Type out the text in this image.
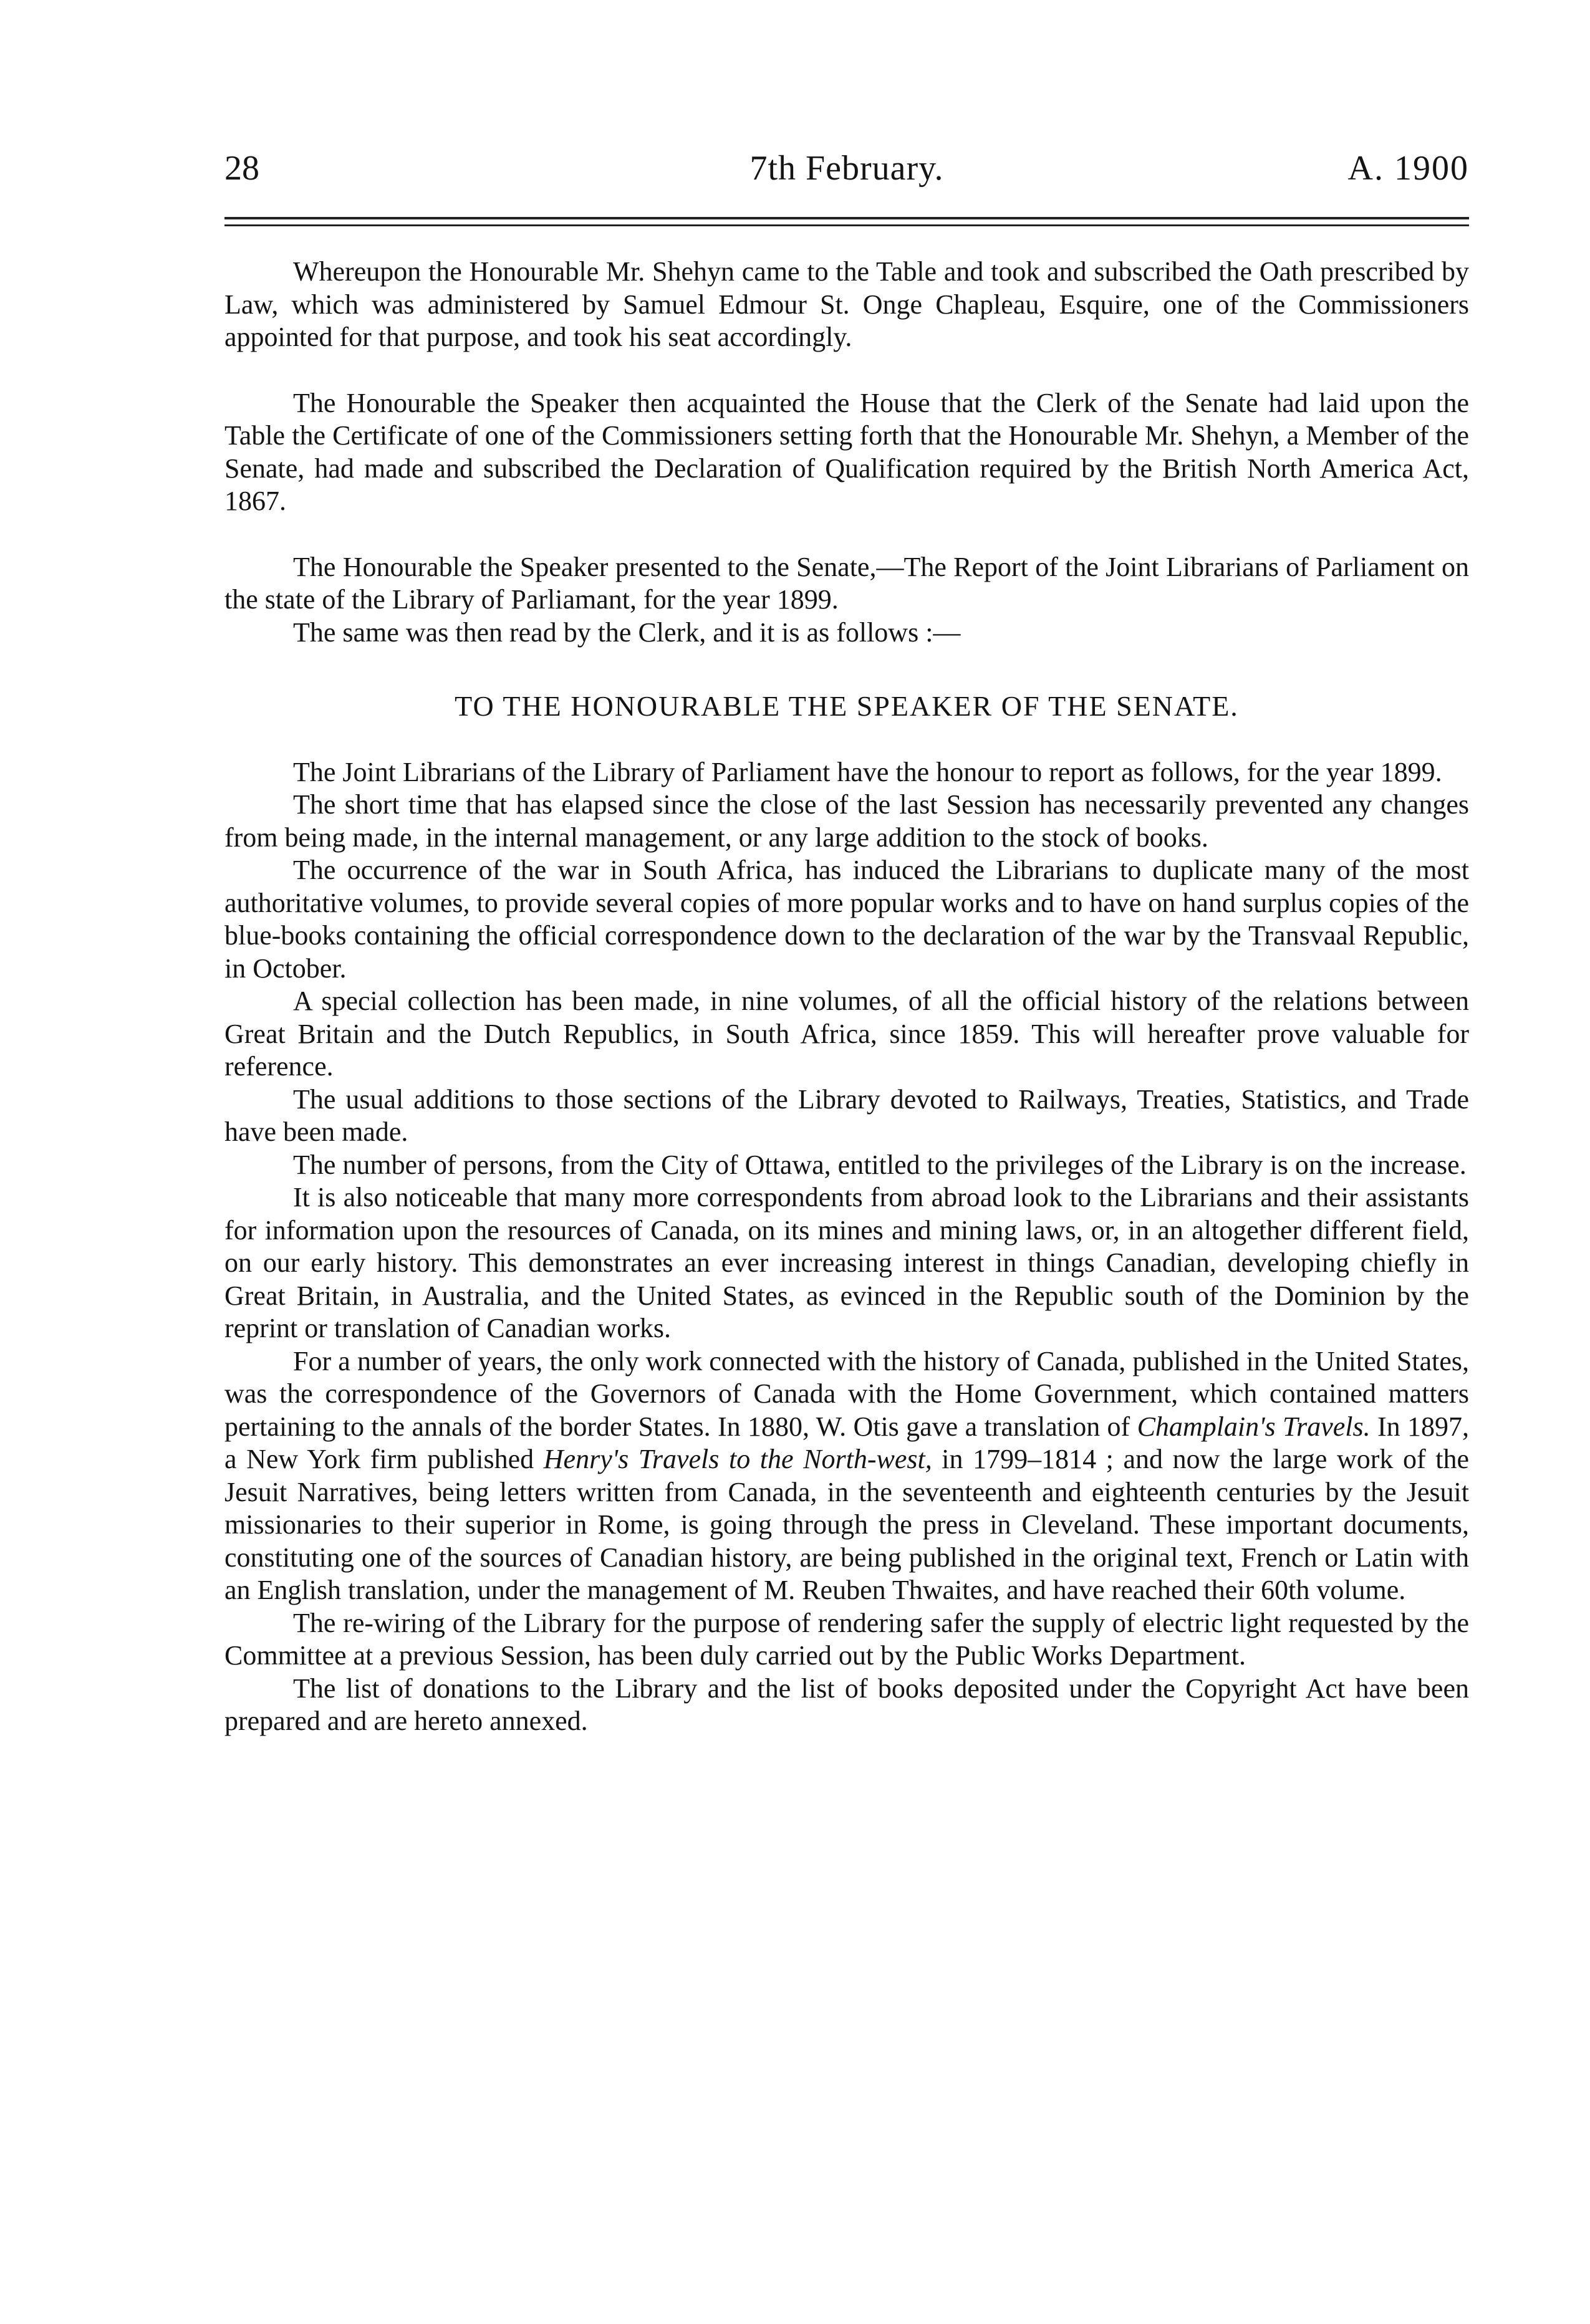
28	7th February.	A. 1900

Whereupon the Honourable Mr. Shehyn came to the Table and took and subscribed the Oath prescribed by Law, which was administered by Samuel Edmour St. Onge Chapleau, Esquire, one of the Commissioners appointed for that purpose, and took his seat accordingly.

The Honourable the Speaker then acquainted the House that the Clerk of the Senate had laid upon the Table the Certificate of one of the Commissioners setting forth that the Honourable Mr. Shehyn, a Member of the Senate, had made and subscribed the Declaration of Qualification required by the British North America Act, 1867.

The Honourable the Speaker presented to the Senate,—The Report of the Joint Librarians of Parliament on the state of the Library of Parliamant, for the year 1899.

The same was then read by the Clerk, and it is as follows :—

TO THE HONOURABLE THE SPEAKER OF THE SENATE.

The Joint Librarians of the Library of Parliament have the honour to report as follows, for the year 1899.

The short time that has elapsed since the close of the last Session has necessarily prevented any changes from being made, in the internal management, or any large addition to the stock of books.

The occurrence of the war in South Africa, has induced the Librarians to duplicate many of the most authoritative volumes, to provide several copies of more popular works and to have on hand surplus copies of the blue-books containing the official correspondence down to the declaration of the war by the Transvaal Republic, in October.

A special collection has been made, in nine volumes, of all the official history of the relations between Great Britain and the Dutch Republics, in South Africa, since 1859. This will hereafter prove valuable for reference.

The usual additions to those sections of the Library devoted to Railways, Treaties, Statistics, and Trade have been made.

The number of persons, from the City of Ottawa, entitled to the privileges of the Library is on the increase.

It is also noticeable that many more correspondents from abroad look to the Librarians and their assistants for information upon the resources of Canada, on its mines and mining laws, or, in an altogether different field, on our early history. This demonstrates an ever increasing interest in things Canadian, developing chiefly in Great Britain, in Australia, and the United States, as evinced in the Republic south of the Dominion by the reprint or translation of Canadian works.

For a number of years, the only work connected with the history of Canada, published in the United States, was the correspondence of the Governors of Canada with the Home Government, which contained matters pertaining to the annals of the border States. In 1880, W. Otis gave a translation of Champlain's Travels. In 1897, a New York firm published Henry's Travels to the North-west, in 1799–1814 ; and now the large work of the Jesuit Narratives, being letters written from Canada, in the seventeenth and eighteenth centuries by the Jesuit missionaries to their superior in Rome, is going through the press in Cleveland. These important documents, constituting one of the sources of Canadian history, are being published in the original text, French or Latin with an English translation, under the management of M. Reuben Thwaites, and have reached their 60th volume.

The re-wiring of the Library for the purpose of rendering safer the supply of electric light requested by the Committee at a previous Session, has been duly carried out by the Public Works Department.

The list of donations to the Library and the list of books deposited under the Copyright Act have been prepared and are hereto annexed.
